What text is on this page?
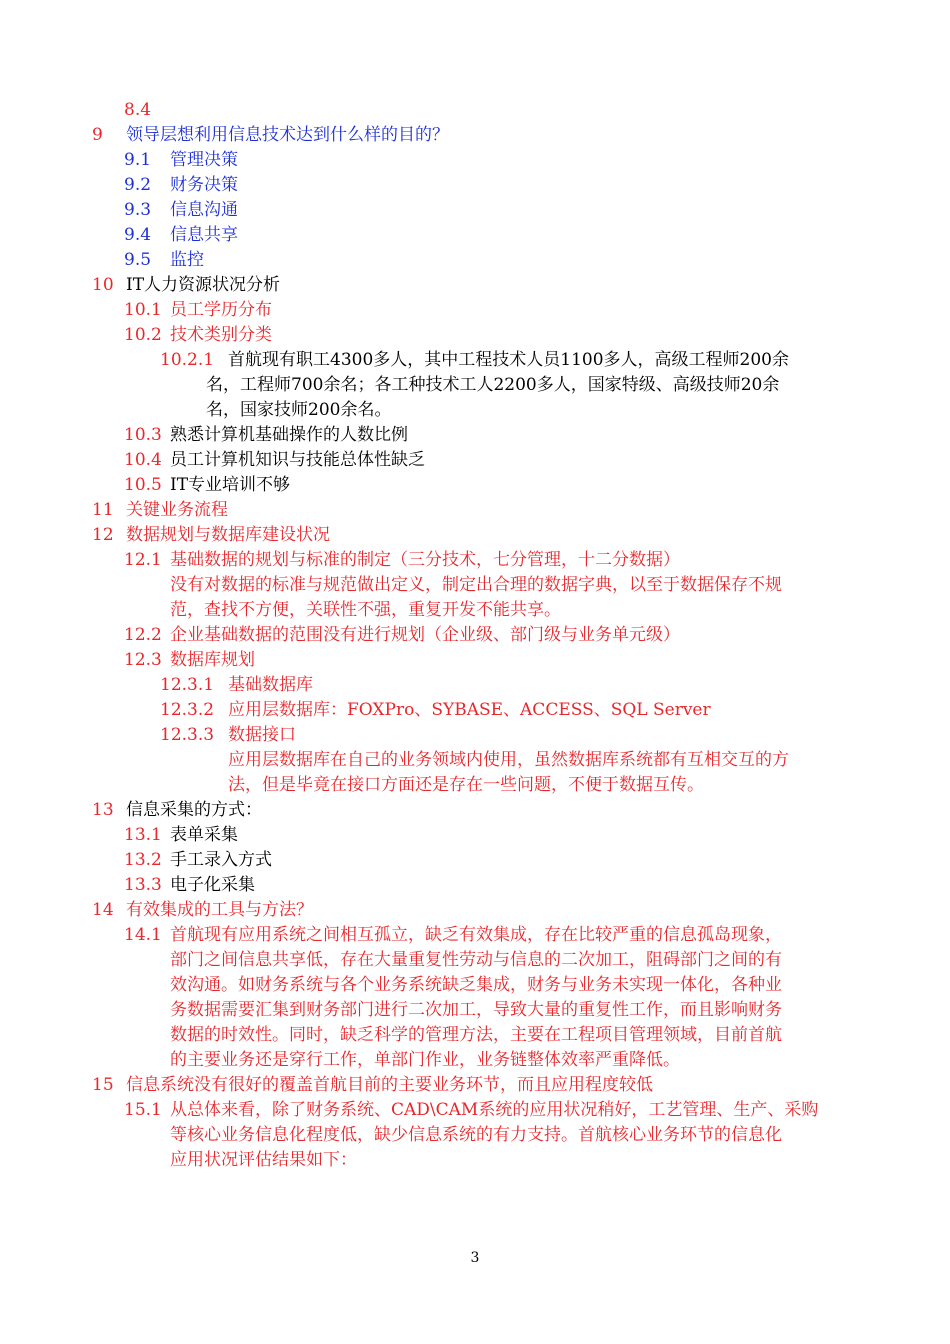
8.4
9 领导层想利用信息技术达到什么样的目的？
9.1 管理决策
9.2 财务决策
9.3 信息沟通
9.4 信息共享
9.5 监控
10 IT人力资源状况分析
10.1 员工学历分布
10.2 技术类别分类
10.2.1 首航现有职工4300多人，其中工程技术人员1100多人，高级工程师200余
名，工程师700余名；各工种技术工人2200多人，国家特级、高级技师20余
名，国家技师200余名。
10.3 熟悉计算机基础操作的人数比例
10.4 员工计算机知识与技能总体性缺乏
10.5 IT专业培训不够
11 关键业务流程
12 数据规划与数据库建设状况
12.1 基础数据的规划与标准的制定（三分技术，七分管理，十二分数据）
没有对数据的标准与规范做出定义，制定出合理的数据字典，以至于数据保存不规
范，查找不方便，关联性不强，重复开发不能共享。
12.2 企业基础数据的范围没有进行规划（企业级、部门级与业务单元级）
12.3 数据库规划
12.3.1 基础数据库
12.3.2 应用层数据库：FOXPro、SYBASE、ACCESS、SQL Server
12.3.3 数据接口
应用层数据库在自己的业务领域内使用，虽然数据库系统都有互相交互的方
法，但是毕竟在接口方面还是存在一些问题，不便于数据互传。
13 信息采集的方式：
13.1 表单采集
13.2 手工录入方式
13.3 电子化采集
14 有效集成的工具与方法？
14.1 首航现有应用系统之间相互孤立，缺乏有效集成，存在比较严重的信息孤岛现象，
部门之间信息共享低，存在大量重复性劳动与信息的二次加工，阻碍部门之间的有
效沟通。如财务系统与各个业务系统缺乏集成，财务与业务未实现一体化，各种业
务数据需要汇集到财务部门进行二次加工，导致大量的重复性工作，而且影响财务
数据的时效性。同时，缺乏科学的管理方法，主要在工程项目管理领域，目前首航
的主要业务还是穿行工作，单部门作业，业务链整体效率严重降低。
15 信息系统没有很好的覆盖首航目前的主要业务环节，而且应用程度较低
15.1 从总体来看，除了财务系统、CAD\CAM系统的应用状况稍好，工艺管理、生产、采购
等核心业务信息化程度低，缺少信息系统的有力支持。首航核心业务环节的信息化
应用状况评估结果如下：
3
